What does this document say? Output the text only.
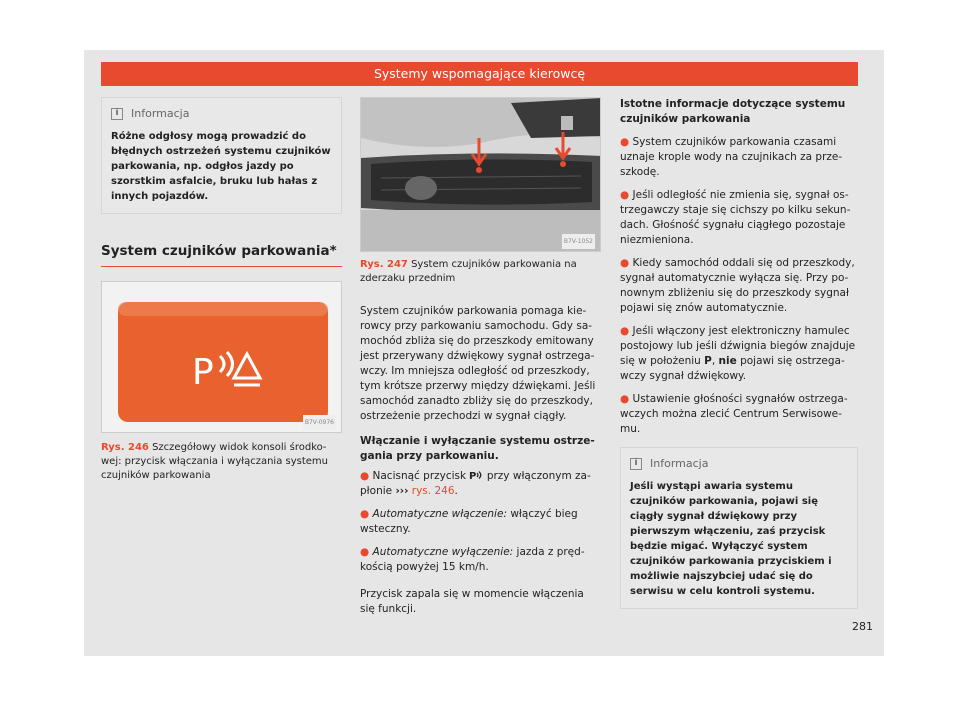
Systemy wspomagające kierowcę
i	Informacja
Różne odgłosy mogą prowadzić do błędnych ostrzeżeń systemu czujników parkowania, np. odgłos jazdy po szorstkim asfalcie, bruku lub hałas z innych pojazdów.
System czujników parkowania*
P
B7V-0976
Rys. 246 Szczegółowy widok konsoli środkowej: przycisk włączania i wyłączania systemu czujników parkowania
B7V-1052
Rys. 247 System czujników parkowania na zderzaku przednim
System czujników parkowania pomaga kierowcy przy parkowaniu samochodu. Gdy samochód zbliża się do przeszkody emitowany jest przerywany dźwiękowy sygnał ostrzegawczy. Im mniejsza odległość od przeszkody, tym krótsze przerwy między dźwiękami. Jeśli samochód zanadto zbliży się do przeszkody, ostrzeżenie przechodzi w sygnał ciągły.
Włączanie i wyłączanie systemu ostrzegania przy parkowaniu.
● Nacisnąć przycisk P przy włączonym zapłonie ››› rys. 246.
● Automatyczne włączenie: włączyć bieg wsteczny.
● Automatyczne wyłączenie: jazda z prędkością powyżej 15 km/h.
Przycisk zapala się w momencie włączenia się funkcji.
Istotne informacje dotyczące systemu czujników parkowania
● System czujników parkowania czasami uznaje krople wody na czujnikach za przeszkodę.
● Jeśli odległość nie zmienia się, sygnał ostrzegawczy staje się cichszy po kilku sekundach. Głośność sygnału ciągłego pozostaje niezmieniona.
● Kiedy samochód oddali się od przeszkody, sygnał automatycznie wyłącza się. Przy ponownym zbliżeniu się do przeszkody sygnał pojawi się znów automatycznie.
● Jeśli włączony jest elektroniczny hamulec postojowy lub jeśli dźwignia biegów znajduje się w położeniu P, nie pojawi się ostrzegawczy sygnał dźwiękowy.
● Ustawienie głośności sygnałów ostrzegawczych można zlecić Centrum Serwisowemu.
i	Informacja
Jeśli wystąpi awaria systemu czujników parkowania, pojawi się ciągły sygnał dźwiękowy przy pierwszym włączeniu, zaś przycisk będzie migać. Wyłączyć system czujników parkowania przyciskiem i możliwie najszybciej udać się do serwisu w celu kontroli systemu.
281
